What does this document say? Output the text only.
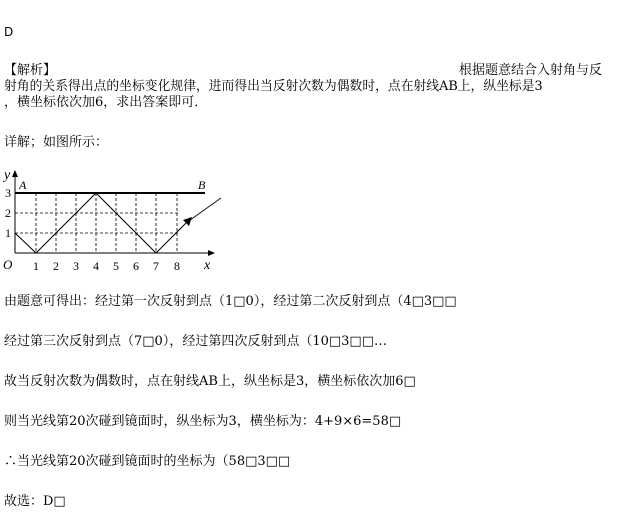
D
【解析】	根据题意结合入射角与反
射角的关系得出点的坐标变化规律，进而得出当反射次数为偶数时，点在射线AB上，纵坐标是3
，横坐标依次加6，求出答案即可．
详解；如图所示：
y
x
O
A	B
3
2
1
1 2 3 4 5 6 7 8
由题意可得出：经过第一次反射到点（1□0），经过第二次反射到点（4□3□□
经过第三次反射到点（7□0），经过第四次反射到点（10□3□□…
故当反射次数为偶数时，点在射线AB上，纵坐标是3，横坐标依次加6□
则当光线第20次碰到镜面时，纵坐标为3，横坐标为：4+9×6=58□
∴当光线第20次碰到镜面时的坐标为（58□3□□
故选：D□
